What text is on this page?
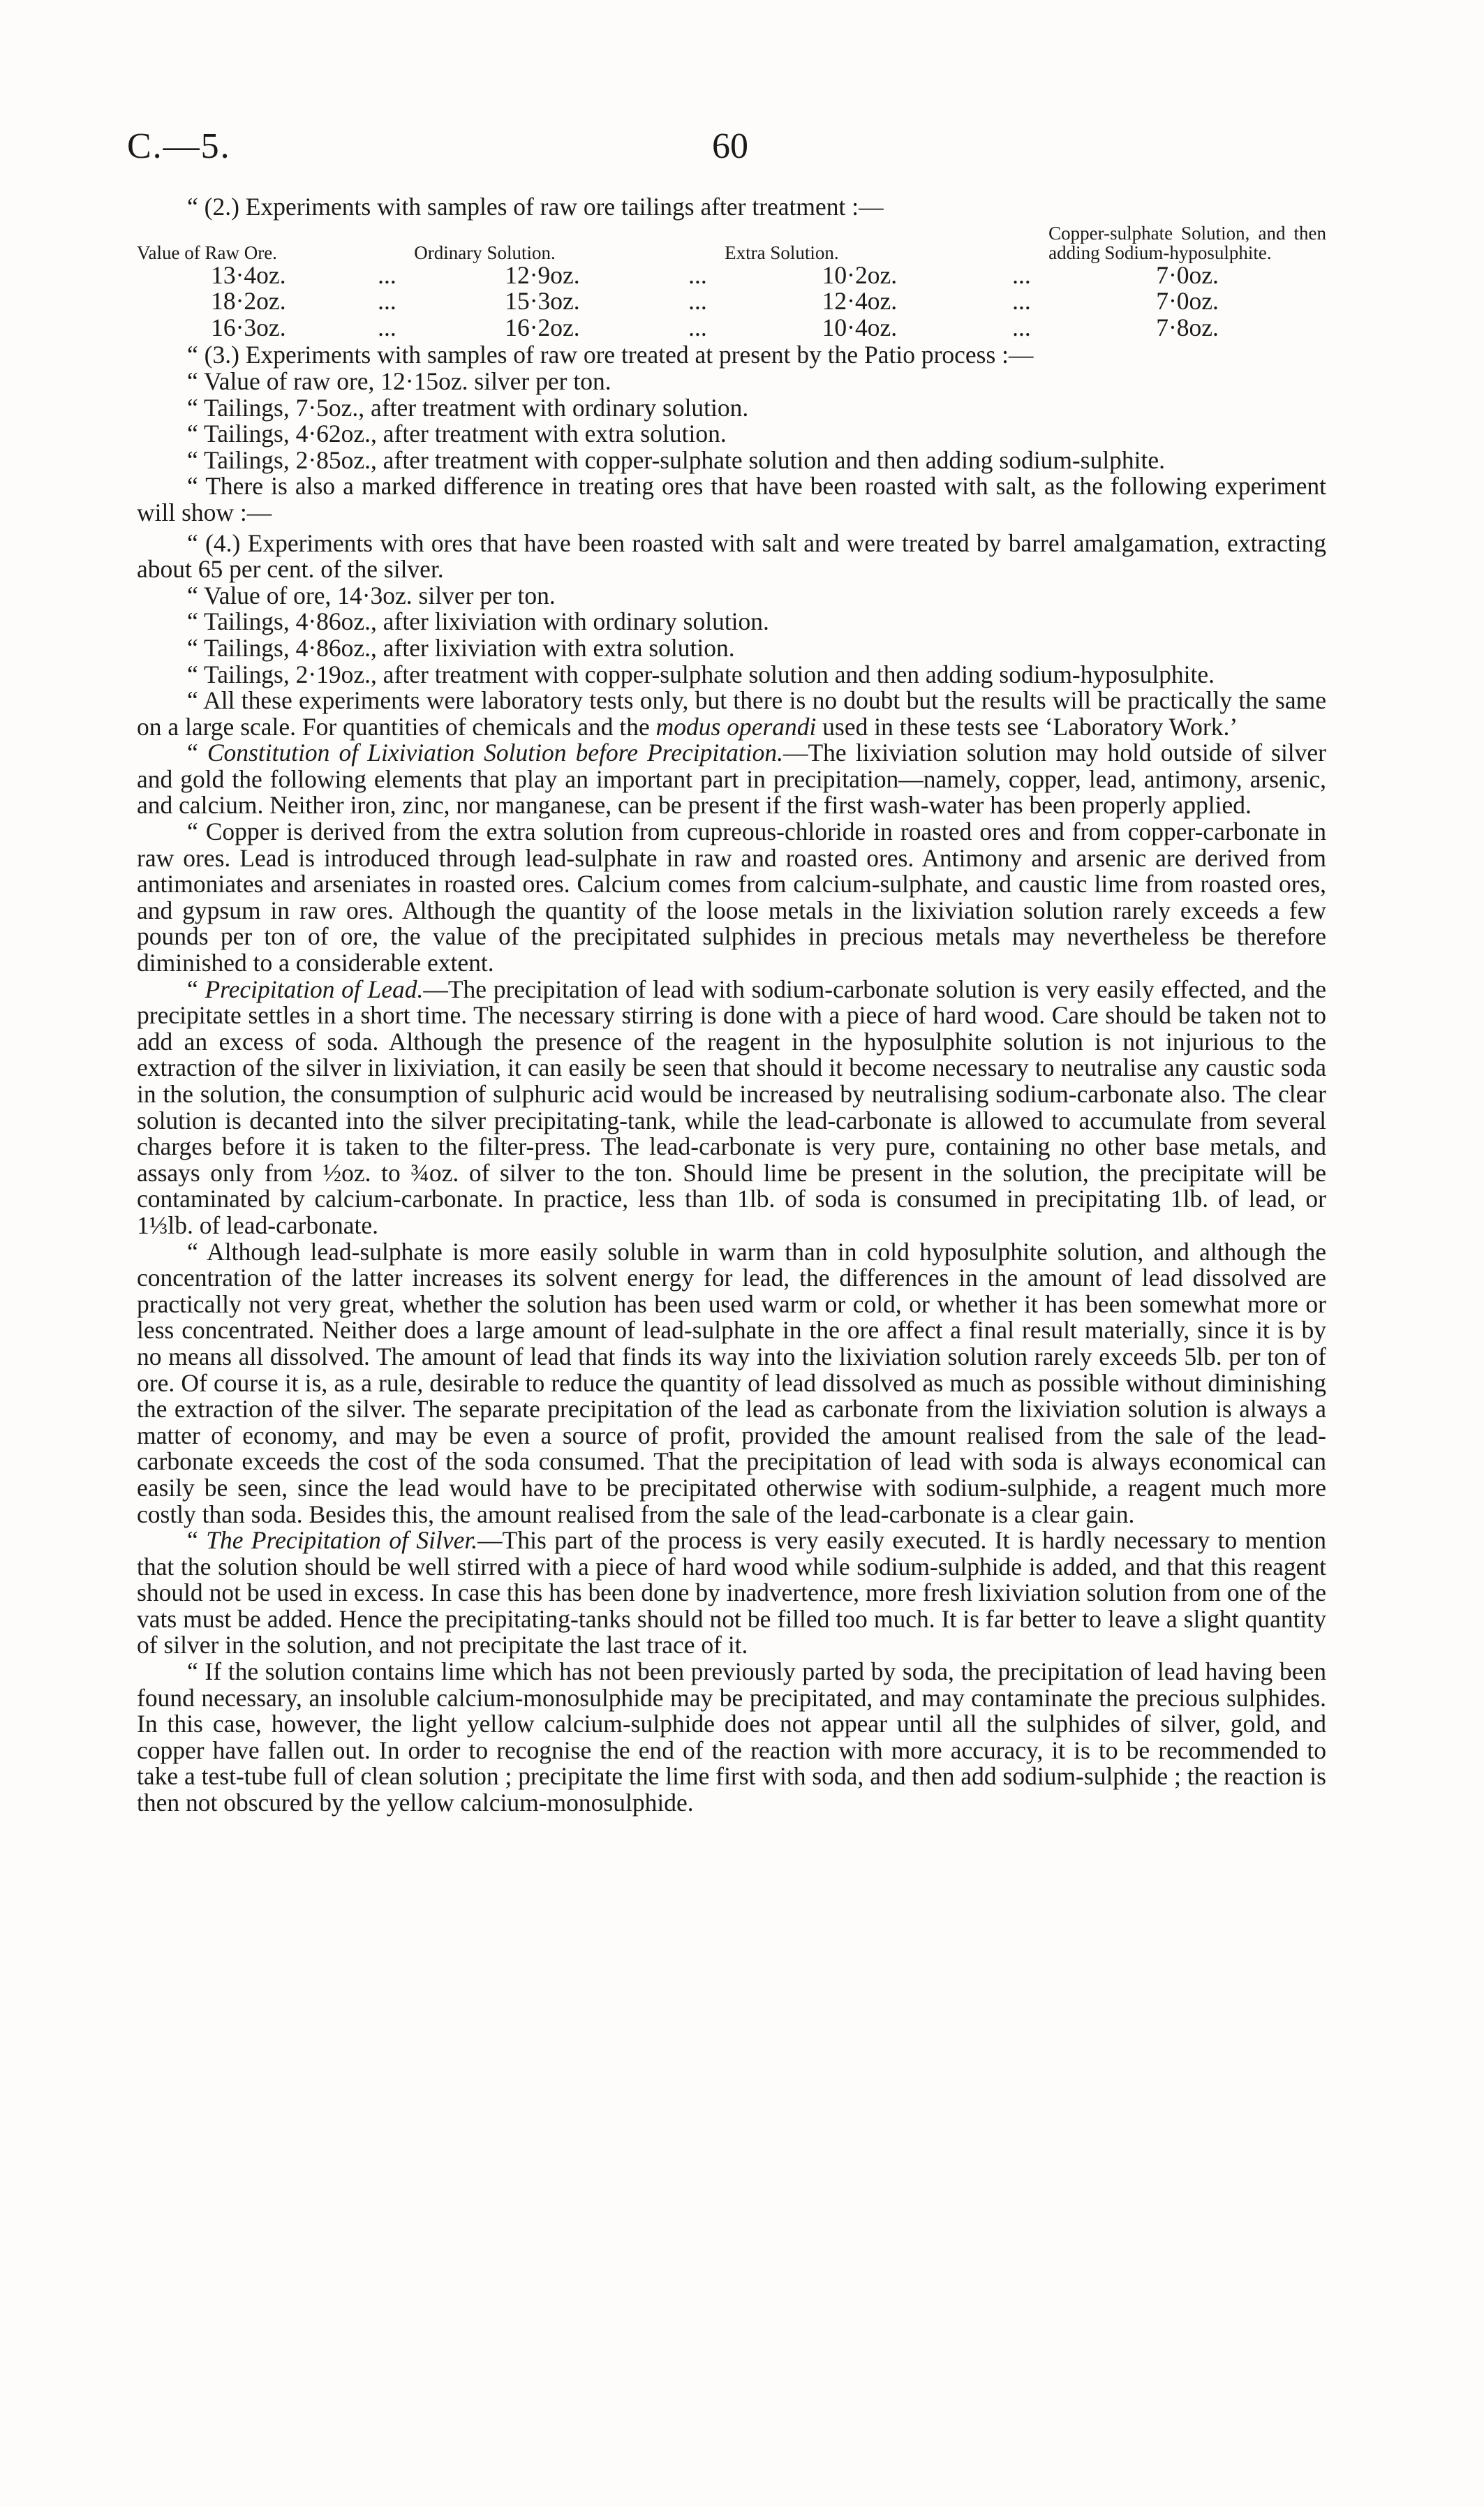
C.—5.	60

“ (2.) Experiments with samples of raw ore tailings after treatment :—

Value of Raw Ore.		Ordinary Solution.		Extra Solution.		Copper-sulphate Solution, and then adding Sodium-hyposulphite.
13·4oz.	...	12·9oz.	...	10·2oz.	...	7·0oz.
18·2oz.	...	15·3oz.	...	12·4oz.	...	7·0oz.
16·3oz.	...	16·2oz.	...	10·4oz.	...	7·8oz.

“ (3.) Experiments with samples of raw ore treated at present by the Patio process :—

“ Value of raw ore, 12·15oz. silver per ton.

“ Tailings, 7·5oz., after treatment with ordinary solution.

“ Tailings, 4·62oz., after treatment with extra solution.

“ Tailings, 2·85oz., after treatment with copper-sulphate solution and then adding sodium-sulphite.

“ There is also a marked difference in treating ores that have been roasted with salt, as the following experiment will show :—

“ (4.) Experiments with ores that have been roasted with salt and were treated by barrel amalgamation, extracting about 65 per cent. of the silver.

“ Value of ore, 14·3oz. silver per ton.

“ Tailings, 4·86oz., after lixiviation with ordinary solution.

“ Tailings, 4·86oz., after lixiviation with extra solution.

“ Tailings, 2·19oz., after treatment with copper-sulphate solution and then adding sodium-hyposulphite.

“ All these experiments were laboratory tests only, but there is no doubt but the results will be practically the same on a large scale. For quantities of chemicals and the modus operandi used in these tests see ‘Laboratory Work.’

“ Constitution of Lixiviation Solution before Precipitation.—The lixiviation solution may hold outside of silver and gold the following elements that play an important part in precipitation—namely, copper, lead, antimony, arsenic, and calcium. Neither iron, zinc, nor manganese, can be present if the first wash-water has been properly applied.

“ Copper is derived from the extra solution from cupreous-chloride in roasted ores and from copper-carbonate in raw ores. Lead is introduced through lead-sulphate in raw and roasted ores. Antimony and arsenic are derived from antimoniates and arseniates in roasted ores. Calcium comes from calcium-sulphate, and caustic lime from roasted ores, and gypsum in raw ores. Although the quantity of the loose metals in the lixiviation solution rarely exceeds a few pounds per ton of ore, the value of the precipitated sulphides in precious metals may nevertheless be therefore diminished to a considerable extent.

“ Precipitation of Lead.—The precipitation of lead with sodium-carbonate solution is very easily effected, and the precipitate settles in a short time. The necessary stirring is done with a piece of hard wood. Care should be taken not to add an excess of soda. Although the presence of the reagent in the hyposulphite solution is not injurious to the extraction of the silver in lixiviation, it can easily be seen that should it become necessary to neutralise any caustic soda in the solution, the consumption of sulphuric acid would be increased by neutralising sodium-carbonate also. The clear solution is decanted into the silver precipitating-tank, while the lead-carbonate is allowed to accumulate from several charges before it is taken to the filter-press. The lead-carbonate is very pure, containing no other base metals, and assays only from ½oz. to ¾oz. of silver to the ton. Should lime be present in the solution, the precipitate will be contaminated by calcium-carbonate. In practice, less than 1lb. of soda is consumed in precipitating 1lb. of lead, or 1⅓lb. of lead-carbonate.

“ Although lead-sulphate is more easily soluble in warm than in cold hyposulphite solution, and although the concentration of the latter increases its solvent energy for lead, the differences in the amount of lead dissolved are practically not very great, whether the solution has been used warm or cold, or whether it has been somewhat more or less concentrated. Neither does a large amount of lead-sulphate in the ore affect a final result materially, since it is by no means all dissolved. The amount of lead that finds its way into the lixiviation solution rarely exceeds 5lb. per ton of ore. Of course it is, as a rule, desirable to reduce the quantity of lead dissolved as much as possible without diminishing the extraction of the silver. The separate precipitation of the lead as carbonate from the lixiviation solution is always a matter of economy, and may be even a source of profit, provided the amount realised from the sale of the lead-carbonate exceeds the cost of the soda consumed. That the precipitation of lead with soda is always economical can easily be seen, since the lead would have to be precipitated otherwise with sodium-sulphide, a reagent much more costly than soda. Besides this, the amount realised from the sale of the lead-carbonate is a clear gain.

“ The Precipitation of Silver.—This part of the process is very easily executed. It is hardly necessary to mention that the solution should be well stirred with a piece of hard wood while sodium-sulphide is added, and that this reagent should not be used in excess. In case this has been done by inadvertence, more fresh lixiviation solution from one of the vats must be added. Hence the precipitating-tanks should not be filled too much. It is far better to leave a slight quantity of silver in the solution, and not precipitate the last trace of it.

“ If the solution contains lime which has not been previously parted by soda, the precipitation of lead having been found necessary, an insoluble calcium-monosulphide may be precipitated, and may contaminate the precious sulphides. In this case, however, the light yellow calcium-sulphide does not appear until all the sulphides of silver, gold, and copper have fallen out. In order to recognise the end of the reaction with more accuracy, it is to be recommended to take a test-tube full of clean solution ; precipitate the lime first with soda, and then add sodium-sulphide ; the reaction is then not obscured by the yellow calcium-monosulphide.
